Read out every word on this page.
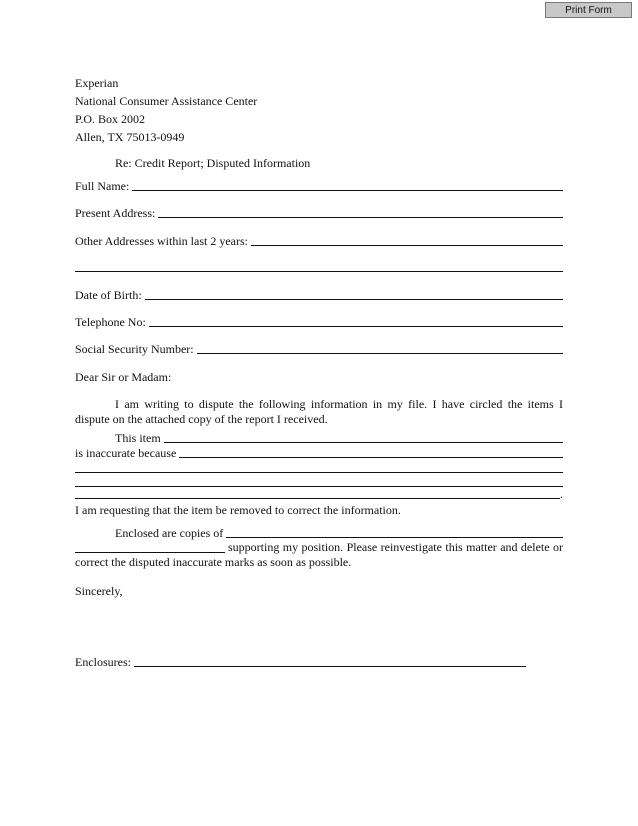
Print Form
Experian
National Consumer Assistance Center
P.O. Box 2002
Allen, TX 75013-0949
Re: Credit Report; Disputed Information
Full Name:
Present Address:
Other Addresses within last 2 years:
Date of Birth:
Telephone No:
Social Security Number:
Dear Sir or Madam:
I am writing to dispute the following information in my file. I have circled the items I dispute on the attached copy of the report I received.
This item
is inaccurate because
.
I am requesting that the item be removed to correct the information.
Enclosed are copies of
supporting my position. Please reinvestigate this matter and delete or correct the disputed inaccurate marks as soon as possible.
Sincerely,
Enclosures:
